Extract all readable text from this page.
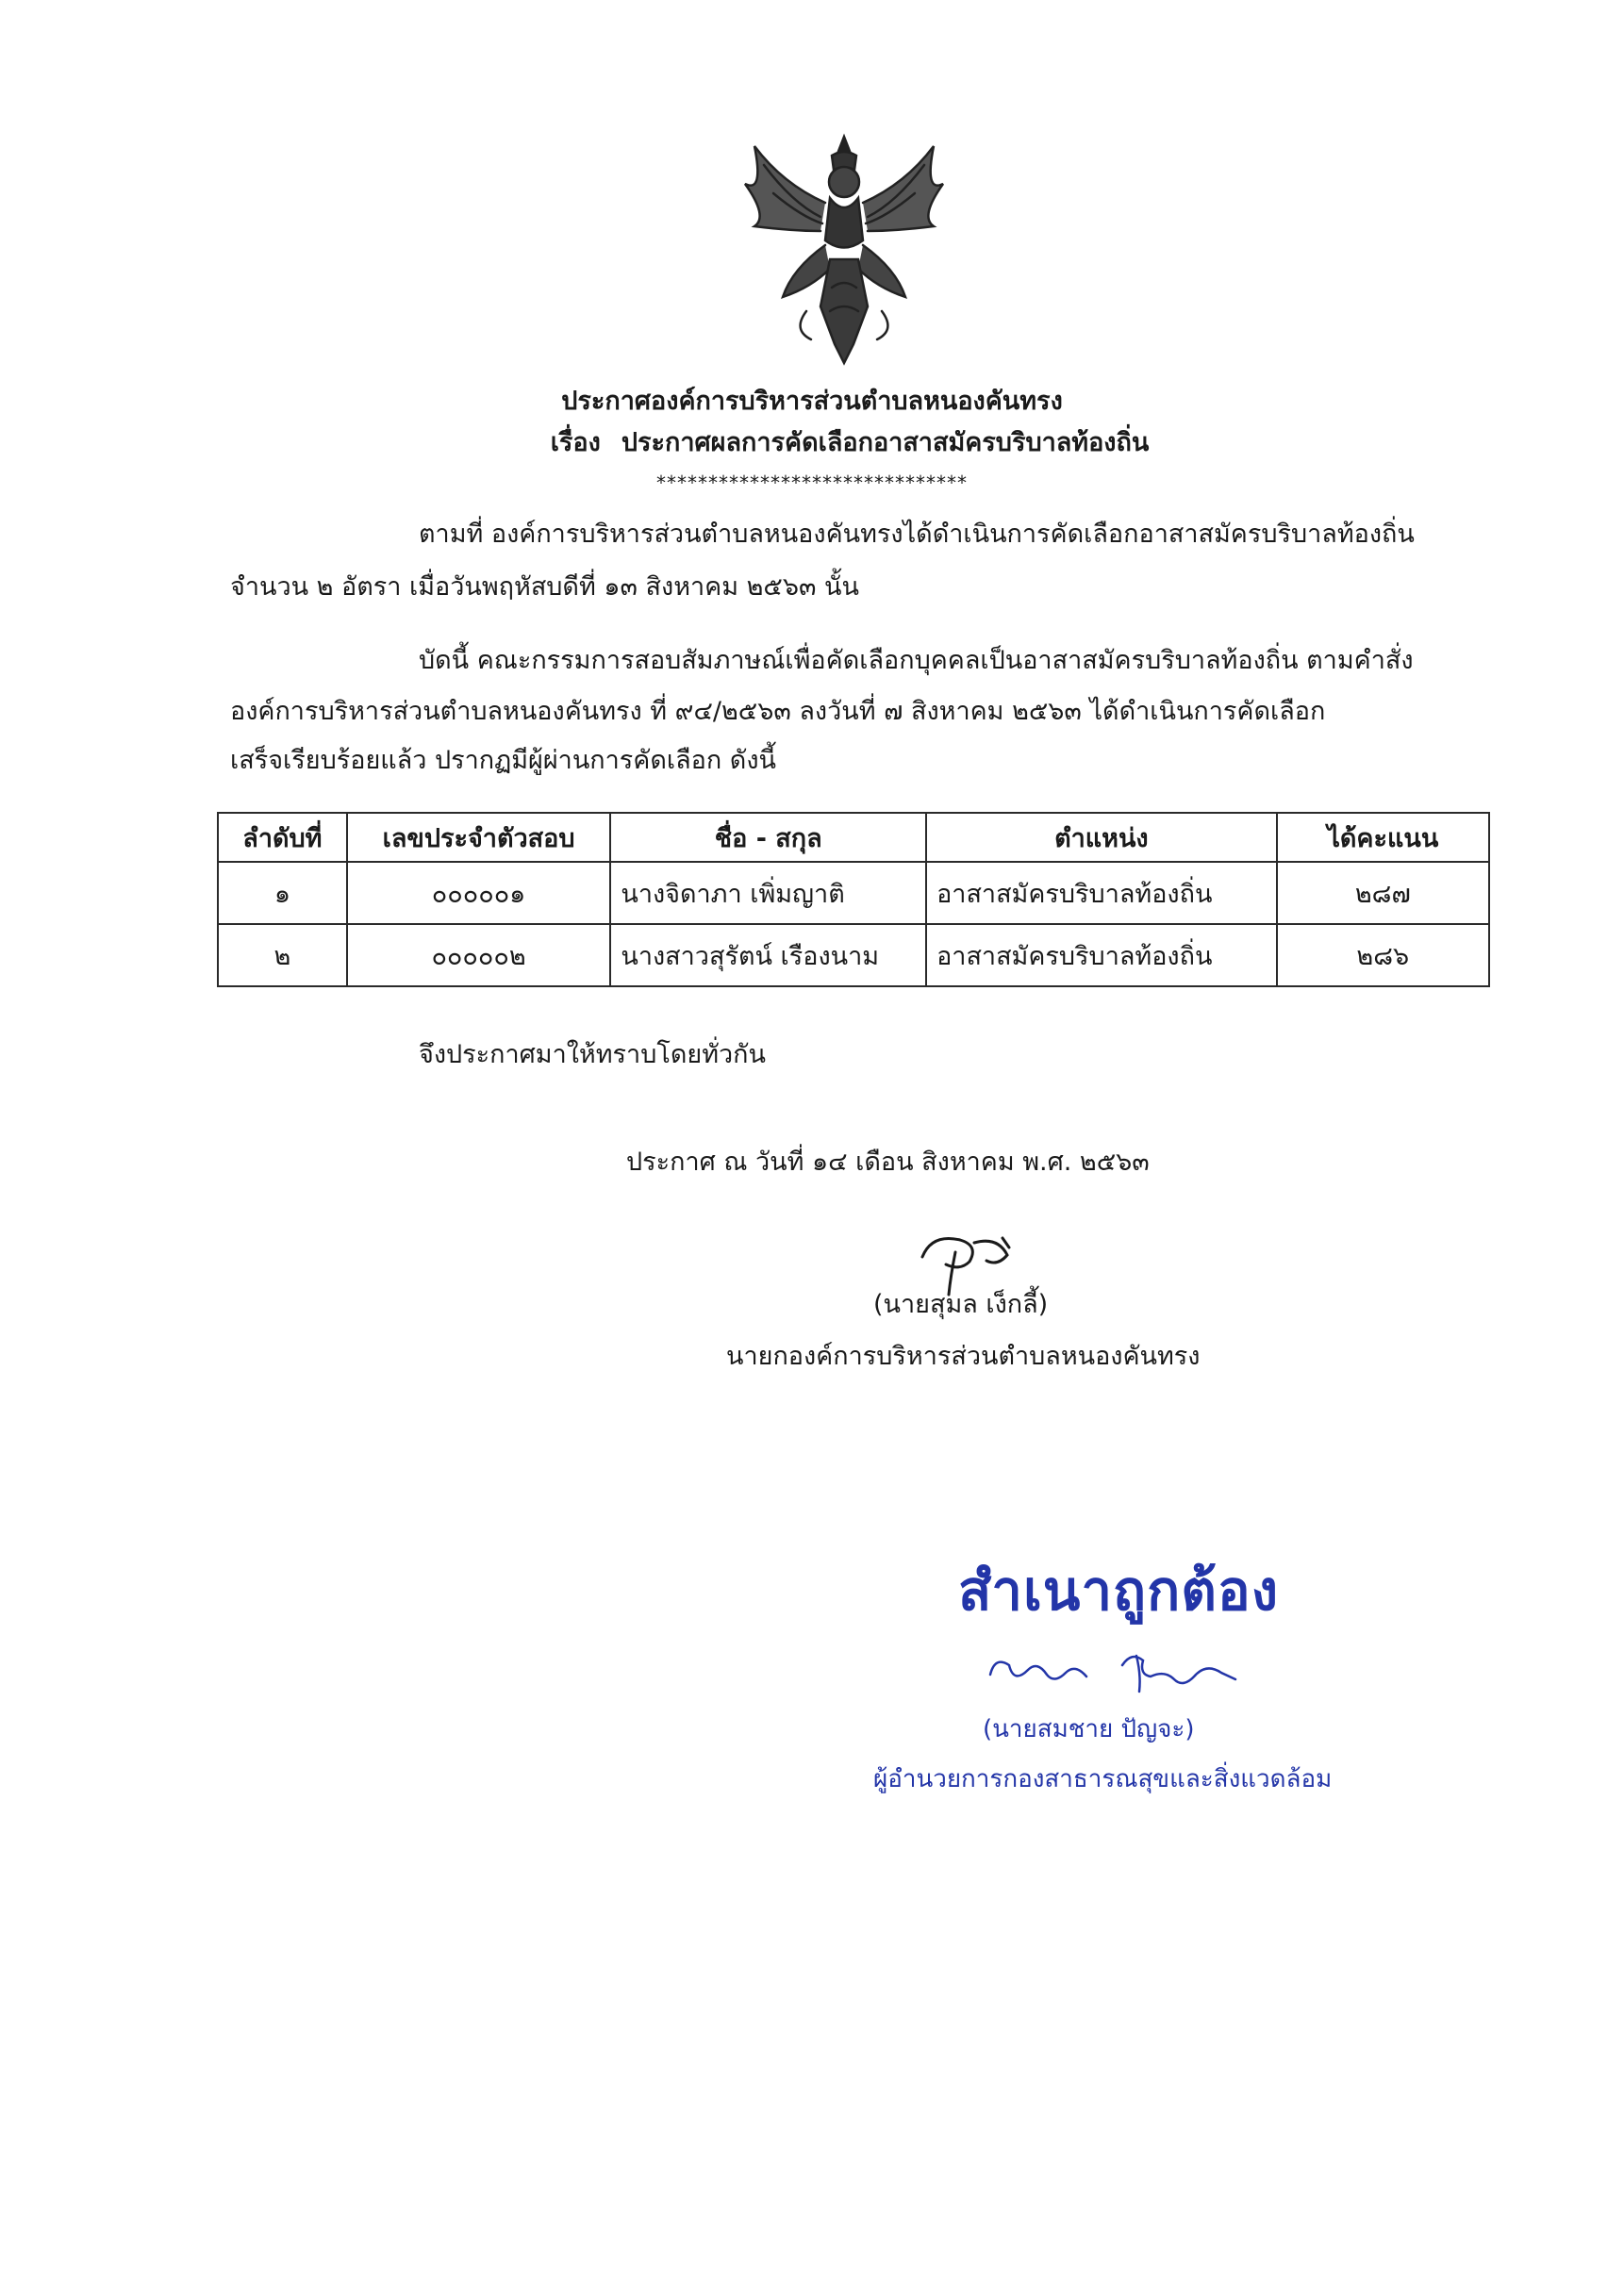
ประกาศองค์การบริหารส่วนตำบลหนองคันทรง
เรื่อง ประกาศผลการคัดเลือกอาสาสมัครบริบาลท้องถิ่น
******************************
ตามที่ องค์การบริหารส่วนตำบลหนองคันทรงได้ดำเนินการคัดเลือกอาสาสมัครบริบาลท้องถิ่น
จำนวน ๒ อัตรา เมื่อวันพฤหัสบดีที่ ๑๓ สิงหาคม ๒๕๖๓ นั้น
บัดนี้ คณะกรรมการสอบสัมภาษณ์เพื่อคัดเลือกบุคคลเป็นอาสาสมัครบริบาลท้องถิ่น ตามคำสั่ง
องค์การบริหารส่วนตำบลหนองคันทรง ที่ ๙๔/๒๕๖๓ ลงวันที่ ๗ สิงหาคม ๒๕๖๓ ได้ดำเนินการคัดเลือก
เสร็จเรียบร้อยแล้ว ปรากฏมีผู้ผ่านการคัดเลือก ดังนี้
ลำดับที่	เลขประจำตัวสอบ	ชื่อ - สกุล	ตำแหน่ง	ได้คะแนน
๑	๐๐๐๐๐๑	นางจิดาภา เพิ่มญาติ	อาสาสมัครบริบาลท้องถิ่น	๒๘๗
๒	๐๐๐๐๐๒	นางสาวสุรัตน์ เรืองนาม	อาสาสมัครบริบาลท้องถิ่น	๒๘๖
จึงประกาศมาให้ทราบโดยทั่วกัน
ประกาศ ณ วันที่ ๑๔ เดือน สิงหาคม พ.ศ. ๒๕๖๓
(นายสุมล เง็กลี้)
นายกองค์การบริหารส่วนตำบลหนองคันทรง
สำเนาถูกต้อง
(นายสมชาย ปัญจะ)
ผู้อำนวยการกองสาธารณสุขและสิ่งแวดล้อม
